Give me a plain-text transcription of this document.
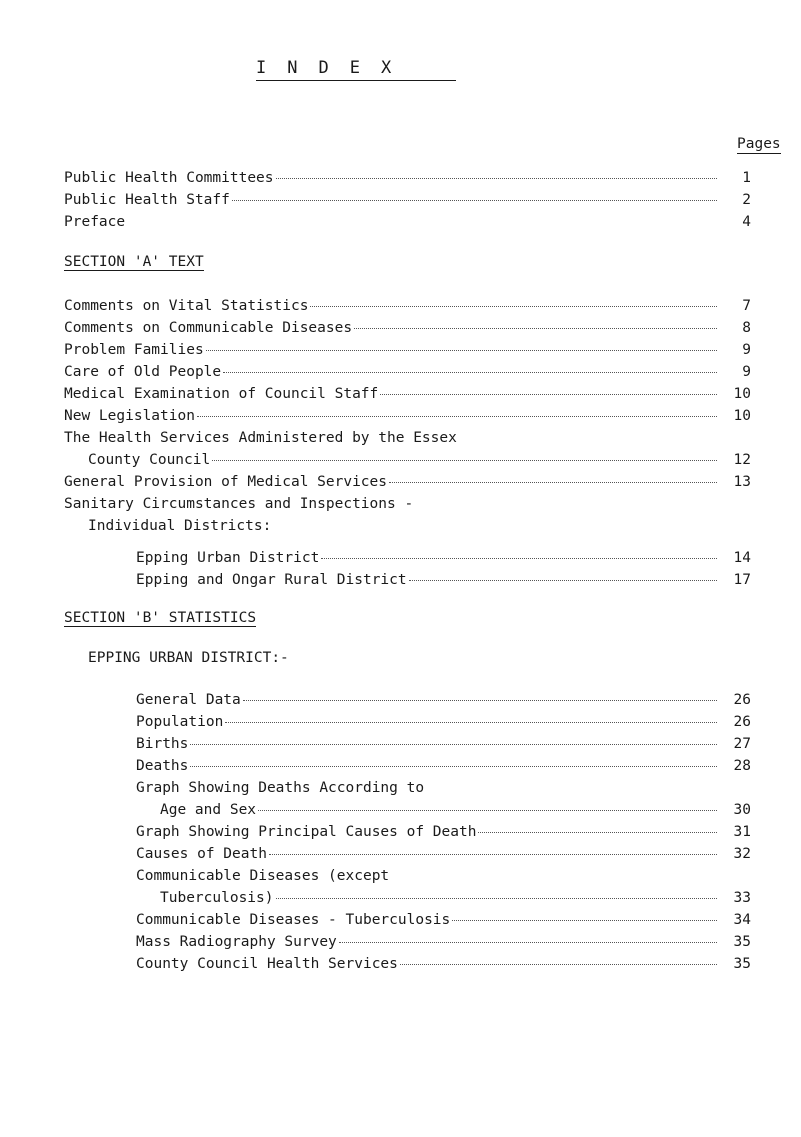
INDEX
Pages
Public Health Committees	1
Public Health Staff	2
Preface	4
SECTION 'A' TEXT
Comments on Vital Statistics	7
Comments on Communicable Diseases	8
Problem Families	9
Care of Old People	9
Medical Examination of Council Staff	10
New Legislation	10
The Health Services Administered by the Essex
County Council	12
General Provision of Medical Services	13
Sanitary Circumstances and Inspections -
Individual Districts:
Epping Urban District	14
Epping and Ongar Rural District	17
SECTION 'B' STATISTICS
EPPING URBAN DISTRICT:-
General Data	26
Population	26
Births	27
Deaths	28
Graph Showing Deaths According to
Age and Sex	30
Graph Showing Principal Causes of Death	31
Causes of Death	32
Communicable Diseases (except
Tuberculosis)	33
Communicable Diseases - Tuberculosis	34
Mass Radiography Survey	35
County Council Health Services	35
